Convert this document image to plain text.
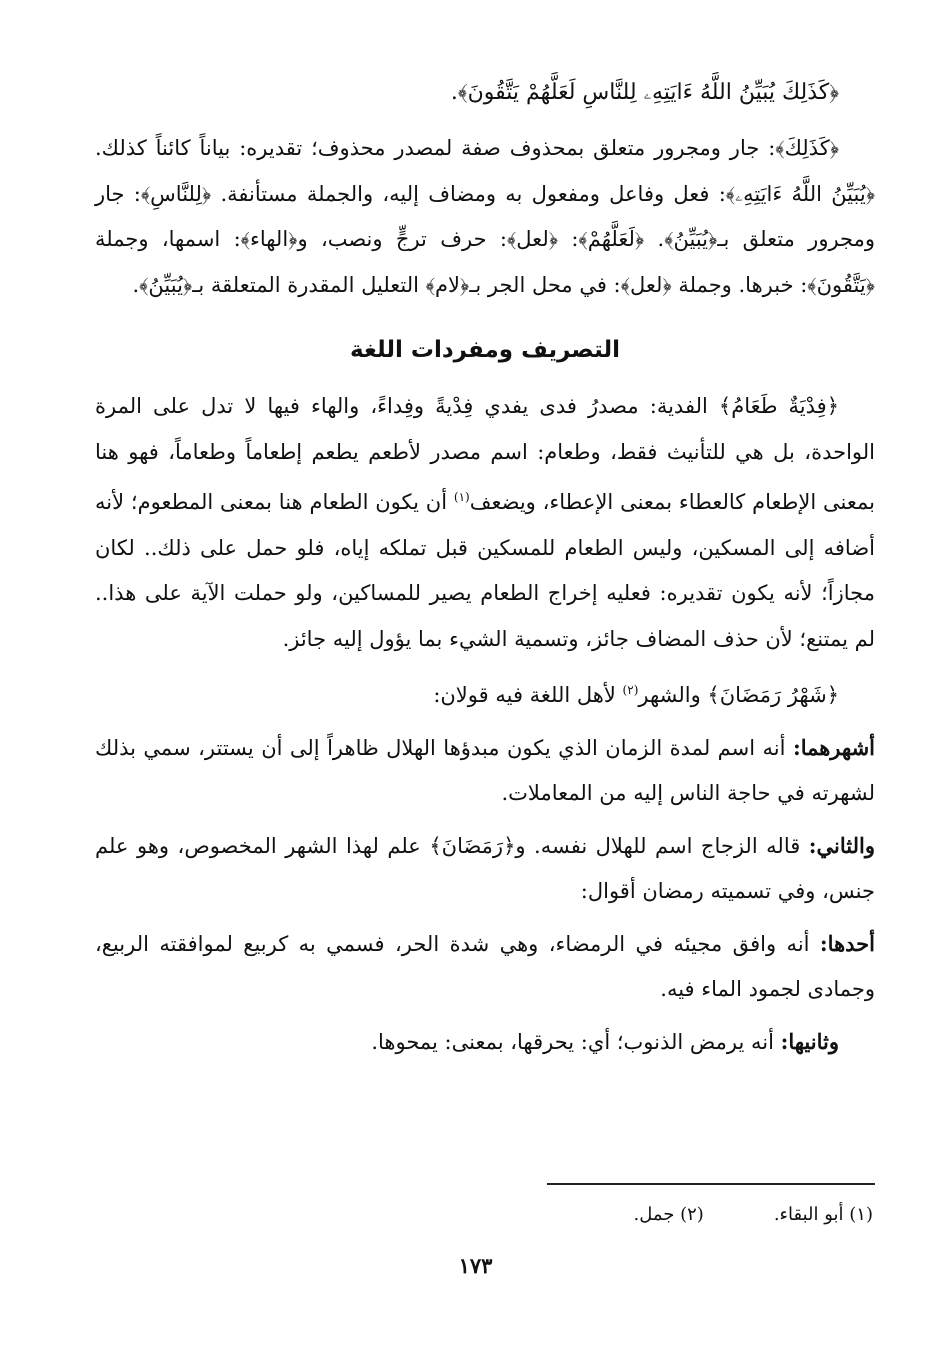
﴿كَذَلِكَ يُبَيِّنُ اللَّهُ ءَايَتِهِۦ لِلنَّاسِ لَعَلَّهُمْ يَتَّقُونَ﴾.

﴿كَذَلِكَ﴾: جار ومجرور متعلق بمحذوف صفة لمصدر محذوف؛ تقديره: بياناً كائناً كذلك. ﴿يُبَيِّنُ اللَّهُ ءَايَتِهِۦ﴾: فعل وفاعل ومفعول به ومضاف إليه، والجملة مستأنفة. ﴿لِلنَّاسِ﴾: جار ومجرور متعلق بـ﴿يُبَيِّنُ﴾. ﴿لَعَلَّهُمْ﴾: ﴿لعل﴾: حرف ترجٍّ ونصب، و﴿الهاء﴾: اسمها، وجملة ﴿يَتَّقُونَ﴾: خبرها. وجملة ﴿لعل﴾: في محل الجر بـ﴿لام﴾ التعليل المقدرة المتعلقة بـ﴿يُبَيِّنُ﴾.

التصريف ومفردات اللغة

﴿فِدْيَةٌ طَعَامُ﴾ الفدية: مصدرُ فدى يفدي فِدْيةً وفِداءً، والهاء فيها لا تدل على المرة الواحدة، بل هي للتأنيث فقط، وطعام: اسم مصدر لأطعم يطعم إطعاماً وطعاماً، فهو هنا بمعنى الإطعام كالعطاء بمعنى الإعطاء، ويضعف$^{(١)}$ أن يكون الطعام هنا بمعنى المطعوم؛ لأنه أضافه إلى المسكين، وليس الطعام للمسكين قبل تملكه إياه، فلو حمل على ذلك.. لكان مجازاً؛ لأنه يكون تقديره: فعليه إخراج الطعام يصير للمساكين، ولو حملت الآية على هذا.. لم يمتنع؛ لأن حذف المضاف جائز، وتسمية الشيء بما يؤول إليه جائز.

﴿شَهْرُ رَمَضَانَ﴾ والشهر$^{(٢)}$ لأهل اللغة فيه قولان:

أشهرهما: أنه اسم لمدة الزمان الذي يكون مبدؤها الهلال ظاهراً إلى أن يستتر، سمي بذلك لشهرته في حاجة الناس إليه من المعاملات.

والثاني: قاله الزجاج اسم للهلال نفسه. و﴿رَمَضَانَ﴾ علم لهذا الشهر المخصوص، وهو علم جنس، وفي تسميته رمضان أقوال:

أحدها: أنه وافق مجيئه في الرمضاء، وهي شدة الحر، فسمي به كربيع لموافقته الربيع، وجمادى لجمود الماء فيه.

وثانيها: أنه يرمض الذنوب؛ أي: يحرقها، بمعنى: يمحوها.

(١) أبو البقاء.
(٢) جمل.
١٧٣
